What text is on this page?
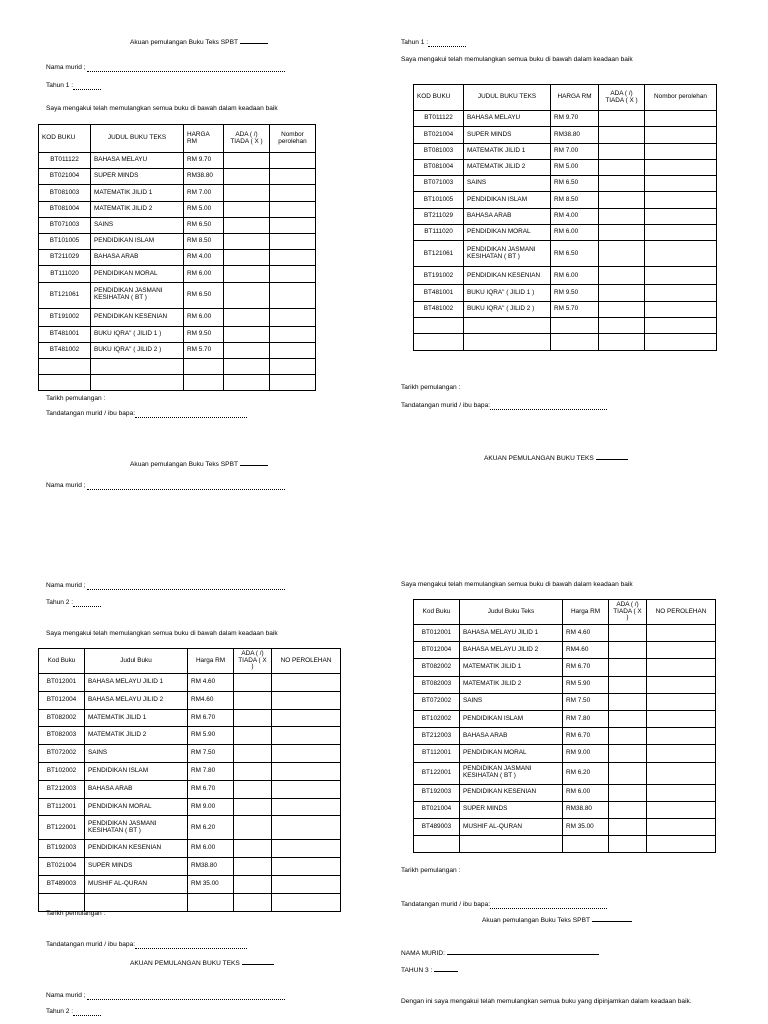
Akuan pemulangan Buku Teks SPBT
Nama murid ;
Tahun 1 :
Saya mengakui telah memulangkan semua buku di bawah dalam keadaan baik
KOD BUKU	JUDUL BUKU TEKS	HARGA RM	ADA ( /) TIADA ( X )	Nombor perolehan
BT011122	BAHASA MELAYU	RM 9.70		
BT021004	SUPER MINDS	RM38.80		
BT081003	MATEMATIK JILID 1	RM 7.00		
BT081004	MATEMATIK JILID 2	RM 5.00		
BT071003	SAINS	RM 6.50		
BT101005	PENDIDIKAN ISLAM	RM 8.50		
BT211029	BAHASA ARAB	RM 4.00		
BT111020	PENDIDIKAN MORAL	RM 6.00		
BT121061	PENDIDIKAN JASMANI KESIHATAN ( BT )	RM 6.50		
BT191002	PENDIDIKAN KESENIAN	RM 6.00		
BT481001	BUKU IQRA" ( JILID 1 )	RM 9.50		
BT481002	BUKU IQRA" ( JILID 2 )	RM 5.70		

Tarikh pemulangan :
Tandatangan murid / ibu bapa:
Tahun 1 :
Saya mengakui telah memulangkan semua buku di bawah dalam keadaan baik
KOD BUKU	JUDUL BUKU TEKS	HARGA RM	ADA ( /) TIADA ( X )	Nombor perolehan
BT011122	BAHASA MELAYU	RM 9.70		
BT021004	SUPER MINDS	RM38.80		
BT081003	MATEMATIK JILID 1	RM 7.00		
BT081004	MATEMATIK JILID 2	RM 5.00		
BT071003	SAINS	RM 6.50		
BT101005	PENDIDIKAN ISLAM	RM 8.50		
BT211029	BAHASA ARAB	RM 4.00		
BT111020	PENDIDIKAN MORAL	RM 6.00		
BT121061	PENDIDIKAN JASMANI KESIHATAN ( BT )	RM 6.50		
BT191002	PENDIDIKAN KESENIAN	RM 6.00		
BT481001	BUKU IQRA" ( JILID 1 )	RM 9.50		
BT481002	BUKU IQRA" ( JILID 2 )	RM 5.70		

Tarikh pemulangan :
Tandatangan murid / ibu bapa:
Akuan pemulangan Buku Teks SPBT
Nama murid ;
AKUAN PEMULANGAN BUKU TEKS
Nama murid ;
Tahun 2 :
Saya mengakui telah memulangkan semua buku di bawah dalam keadaan baik
Kod Buku	Judul Buku	Harga RM	ADA ( /) TIADA ( X )	NO PEROLEHAN
BT012001	BAHASA MELAYU JILID 1	RM 4.60		
BT012004	BAHASA MELAYU JILID 2	RM4.60		
BT082002	MATEMATIK JILID 1	RM 6.70		
BT082003	MATEMATIK JILID 2	RM 5.90		
BT072002	SAINS	RM 7.50		
BT102002	PENDIDIKAN ISLAM	RM 7.80		
BT212003	BAHASA ARAB	RM 6.70		
BT112001	PENDIDIKAN MORAL	RM 9.00		
BT122001	PENDIDIKAN JASMANI KESIHATAN ( BT )	RM 6.20		
BT192003	PENDIDIKAN KESENIAN	RM 6.00		
BT021004	SUPER MINDS	RM38.80		
BT489003	MUSHIF AL-QURAN	RM 35.00		

Tarikh pemulangan :
Tandatangan murid / ibu bapa:
AKUAN PEMULANGAN BUKU TEKS
Nama murid ;
Tahun 2 :
Saya mengakui telah memulangkan semua buku di bawah dalam keadaan baik
Kod Buku	Judul Buku Teks	Harga RM	ADA ( /) TIADA ( X )	NO PEROLEHAN
BT012001	BAHASA MELAYU JILID 1	RM 4.60		
BT012004	BAHASA MELAYU JILID 2	RM4.60		
BT082002	MATEMATIK JILID 1	RM 6.70		
BT082003	MATEMATIK JILID 2	RM 5.90		
BT072002	SAINS	RM 7.50		
BT102002	PENDIDIKAN ISLAM	RM 7.80		
BT212003	BAHASA ARAB	RM 6.70		
BT112001	PENDIDIKAN MORAL	RM 9.00		
BT122001	PENDIDIKAN JASMANI KESIHATAN ( BT )	RM 6.20		
BT192003	PENDIDIKAN KESENIAN	RM 6.00		
BT021004	SUPER MINDS	RM38.80		
BT489003	MUSHIF AL-QURAN	RM 35.00		

Tarikh pemulangan :
Tandatangan murid / ibu bapa:
Akuan pemulangan Buku Teks SPBT
NAMA MURID:
TAHUN 3 :
Dengan ini saya mengakui telah memulangkan semua buku yang dipinjamkan dalam keadaan baik.
